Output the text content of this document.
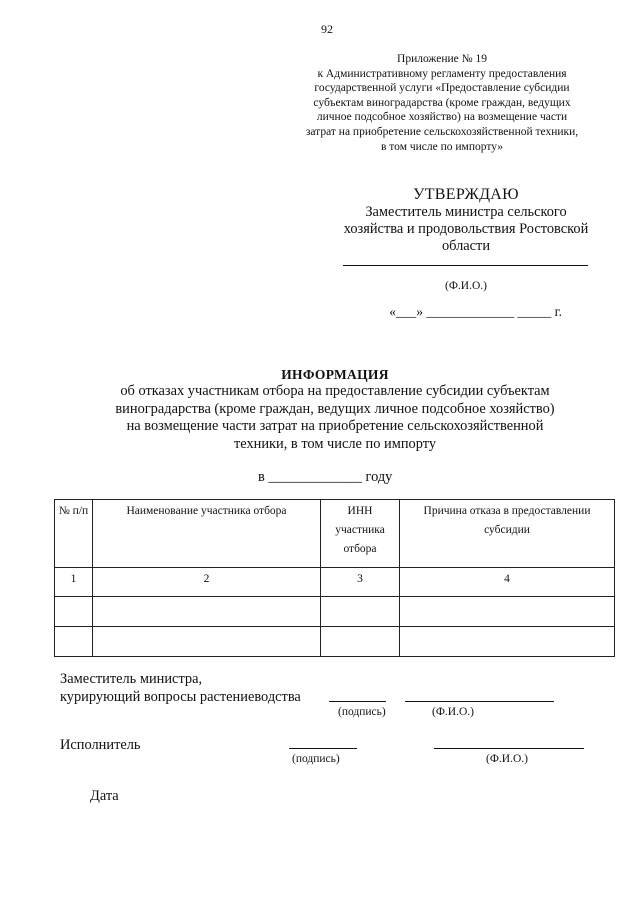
92
Приложение № 19
к Административному регламенту предоставления
государственной услуги «Предоставление субсидии
субъектам виноградарства (кроме граждан, ведущих
личное подсобное хозяйство) на возмещение части
затрат на приобретение сельскохозяйственной техники,
в том числе по импорту»
УТВЕРЖДАЮ
Заместитель министра сельского
хозяйства и продовольствия Ростовской
области
(Ф.И.О.)
«___» _____________ _____ г.
ИНФОРМАЦИЯ
об отказах участникам отбора на предоставление субсидии субъектам
виноградарства (кроме граждан, ведущих личное подсобное хозяйство)
на возмещение части затрат на приобретение сельскохозяйственной
техники, в том числе по импорту
в _____________ году
№ п/п	Наименование участника отбора	ИНН участника отбора	Причина отказа в предоставлении субсидии
1	2	3	4

Заместитель министра,
курирующий вопросы растениеводства
(подпись)	(Ф.И.О.)
Исполнитель
(подпись)	(Ф.И.О.)
Дата
